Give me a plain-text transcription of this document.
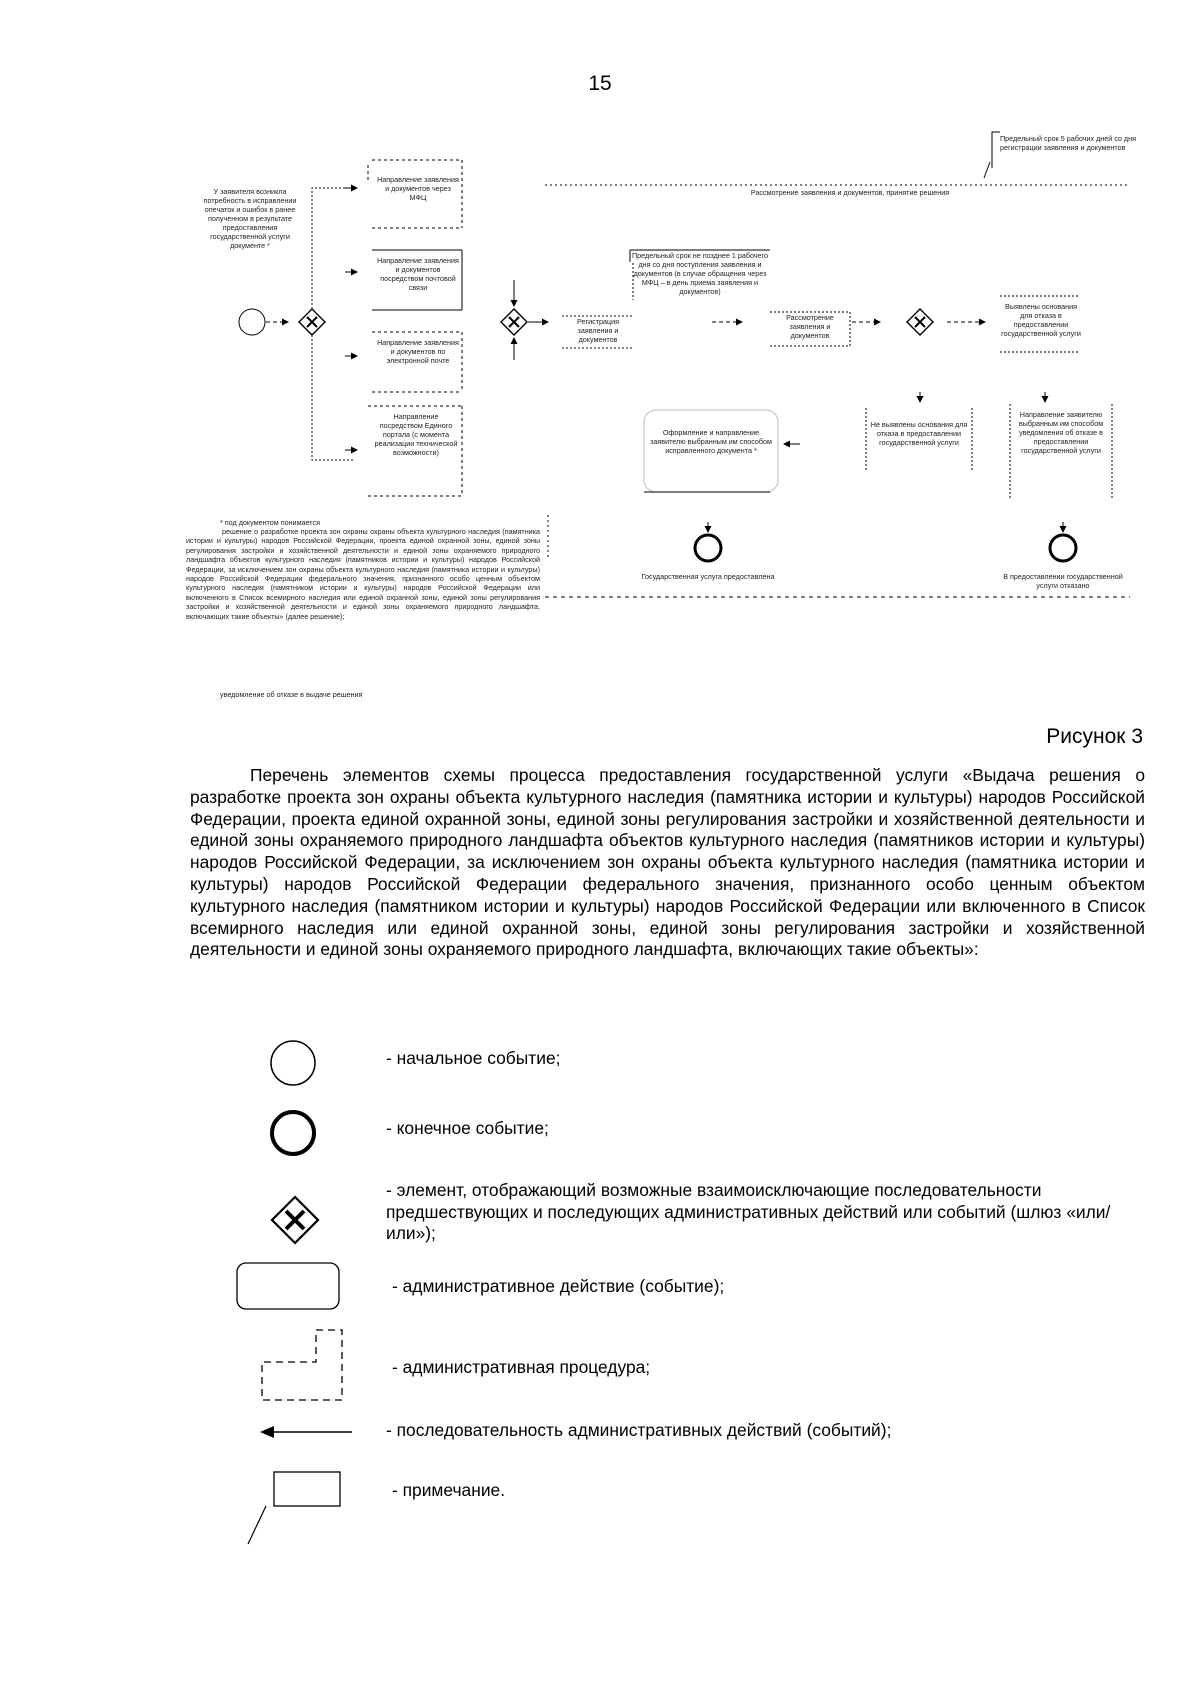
15
У заявителя возникла потребность в исправлении опечаток и ошибок в ранее полученном в результате предоставления государственной услуги документе *
Направление заявления и документов через МФЦ
Направление заявления и документов посредством почтовой связи
Направление заявления и документов по электронной почте
Направление посредством Единого портала (с момента реализации технической возможности)
Предельный срок 5 рабочих дней со дня регистрации заявления и документов
Рассмотрение заявления и документов, принятие решения
Предельный срок не позднее 1 рабочего дня со дня поступления заявления и документов (в случае обращения через МФЦ – в день приема заявления и документов)
Регистрация заявления и документов
Рассмотрение заявления и документов
Выявлены основания для отказа в предоставлении государственной услуги
Не выявлены основания для отказа в предоставлении государственной услуги
Оформление и направление заявителю выбранным им способом исправленного документа *
Направление заявителю выбранным им способом уведомления об отказе в предоставлении государственной услуги
Государственная услуга предоставлена	В предоставлении государственной услуги отказано
* под документом понимается
решение о разработке проекта зон охраны охраны объекта культурного наследия (памятника истории и культуры) народов Российской Федерации, проекта единой охранной зоны, единой зоны регулирования застройки и хозяйственной деятельности и единой зоны охраняемого природного ландшафта объектов культурного наследия (памятников истории и культуры) народов Российской Федерации, за исключением зон охраны объекта культурного наследия (памятника истории и культуры) народов Российской Федерации федерального значения, признанного особо ценным объектом культурного наследия (памятником истории и культуры) народов Российской Федерации или включенного в Список всемирного наследия или единой охранной зоны, единой зоны регулирования застройки и хозяйственной деятельности и единой зоны охраняемого природного ландшафта, включающих такие объекты» (далее решение);
уведомление об отказе в выдаче решения
Рисунок 3
Перечень элементов схемы процесса предоставления государственной услуги «Выдача решения о разработке проекта зон охраны объекта культурного наследия (памятника истории и культуры) народов Российской Федерации, проекта единой охранной зоны, единой зоны регулирования застройки и хозяйственной деятельности и единой зоны охраняемого природного ландшафта объектов культурного наследия (памятников истории и культуры) народов Российской Федерации, за исключением зон охраны объекта культурного наследия (памятника истории и культуры) народов Российской Федерации федерального значения, признанного особо ценным объектом культурного наследия (памятником истории и культуры) народов Российской Федерации или включенного в Список всемирного наследия или единой охранной зоны, единой зоны регулирования застройки и хозяйственной деятельности и единой зоны охраняемого природного ландшафта, включающих такие объекты»:
- начальное событие;
- конечное событие;
- элемент, отображающий возможные взаимоисключающие последовательности предшествующих и последующих административных действий или событий (шлюз «или/или»);
- административное действие (событие);
- административная процедура;
- последовательность административных действий (событий);
- примечание.
